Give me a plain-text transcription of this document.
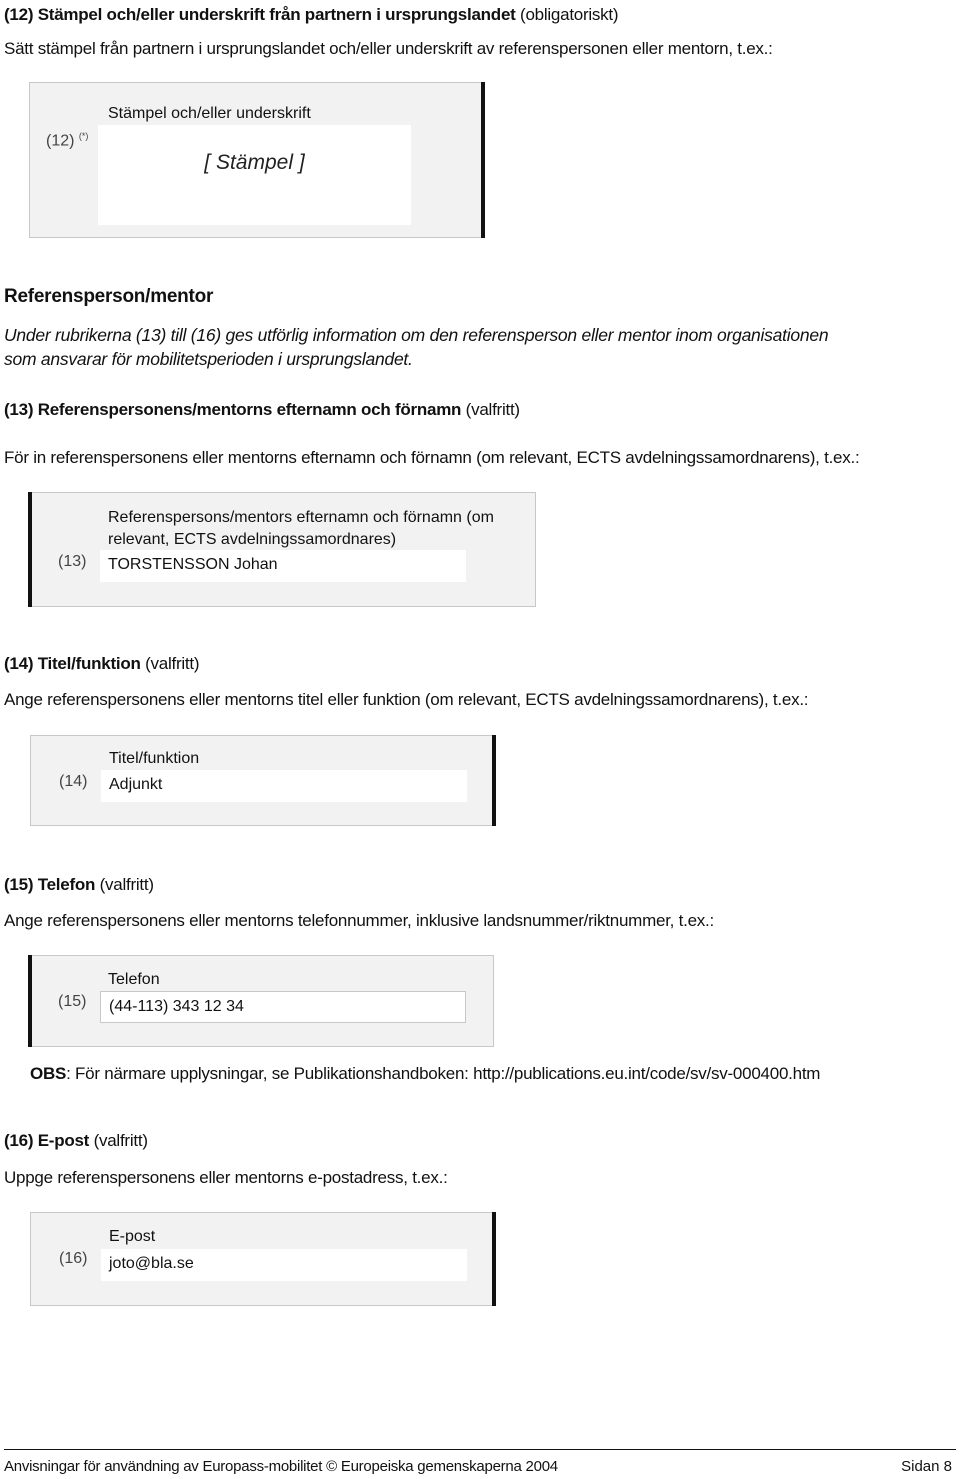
(12) Stämpel och/eller underskrift från partnern i ursprungslandet (obligatoriskt)
Sätt stämpel från partnern i ursprungslandet och/eller underskrift av referenspersonen eller mentorn, t.ex.:
(12) (*)
Stämpel och/eller underskrift
[ Stämpel ]
Referensperson/mentor
Under rubrikerna (13) till (16) ges utförlig information om den referensperson eller mentor inom organisationen
som ansvarar för mobilitetsperioden i ursprungslandet.
(13) Referenspersonens/mentorns efternamn och förnamn (valfritt)
För in referenspersonens eller mentorns efternamn och förnamn (om relevant, ECTS avdelningssamordnarens), t.ex.:
(13)
Referenspersons/mentors efternamn och förnamn (om
relevant, ECTS avdelningssamordnares)
TORSTENSSON Johan
(14) Titel/funktion (valfritt)
Ange referenspersonens eller mentorns titel eller funktion (om relevant, ECTS avdelningssamordnarens), t.ex.:
(14)
Titel/funktion
Adjunkt
(15) Telefon (valfritt)
Ange referenspersonens eller mentorns telefonnummer, inklusive landsnummer/riktnummer, t.ex.:
(15)
Telefon
(44-113) 343 12 34
OBS: För närmare upplysningar, se Publikationshandboken: http://publications.eu.int/code/sv/sv-000400.htm
(16) E-post (valfritt)
Uppge referenspersonens eller mentorns e-postadress, t.ex.:
(16)
E-post
joto@bla.se
Anvisningar för användning av Europass-mobilitet © Europeiska gemenskaperna 2004	Sidan 8
